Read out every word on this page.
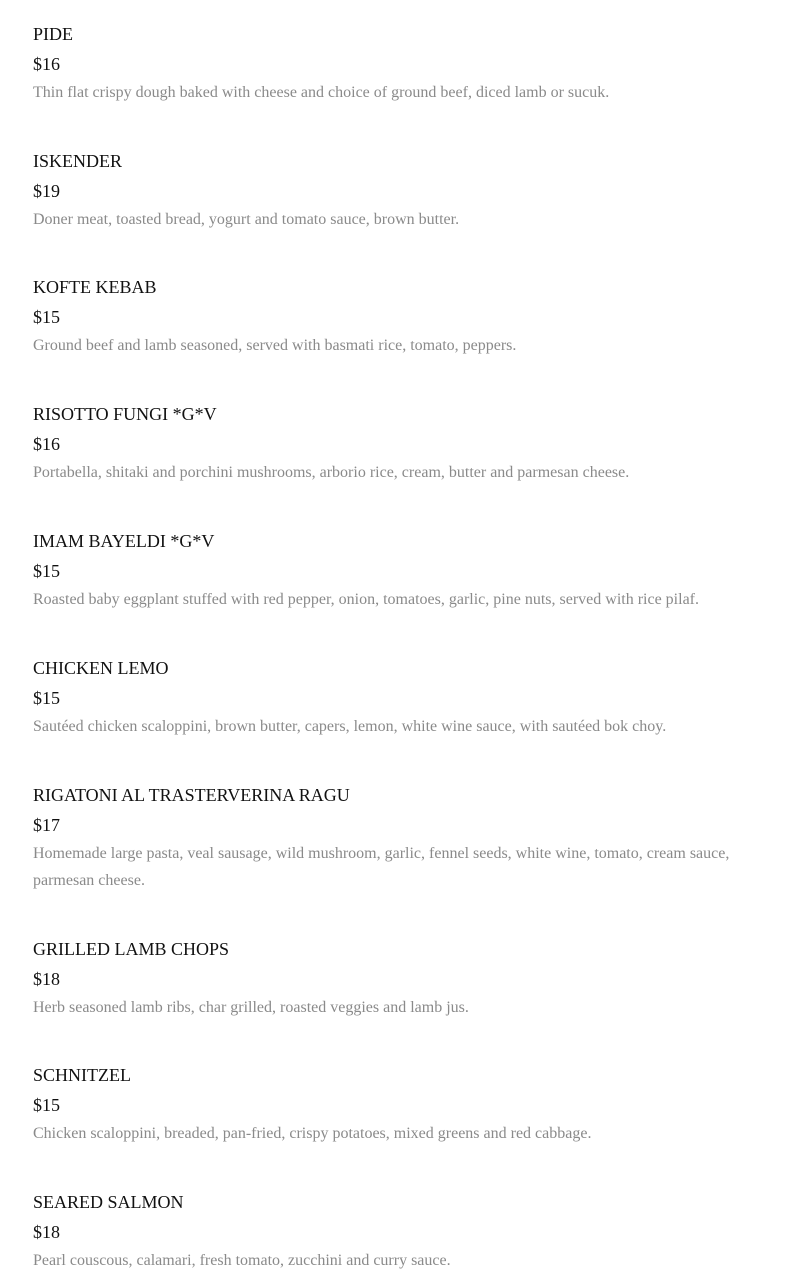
PIDE
$16
Thin flat crispy dough baked with cheese and choice of ground beef, diced lamb or sucuk.
ISKENDER
$19
Doner meat, toasted bread, yogurt and tomato sauce, brown butter.
KOFTE KEBAB
$15
Ground beef and lamb seasoned, served with basmati rice, tomato, peppers.
RISOTTO FUNGI *G*V
$16
Portabella, shitaki and porchini mushrooms, arborio rice, cream, butter and parmesan cheese.
IMAM BAYELDI *G*V
$15
Roasted baby eggplant stuffed with red pepper, onion, tomatoes, garlic, pine nuts, served with rice pilaf.
CHICKEN LEMO
$15
Sautéed chicken scaloppini, brown butter, capers, lemon, white wine sauce, with sautéed bok choy.
RIGATONI AL TRASTERVERINA RAGU
$17
Homemade large pasta, veal sausage, wild mushroom, garlic, fennel seeds, white wine, tomato, cream sauce, parmesan cheese.
GRILLED LAMB CHOPS
$18
Herb seasoned lamb ribs, char grilled, roasted veggies and lamb jus.
SCHNITZEL
$15
Chicken scaloppini, breaded, pan-fried, crispy potatoes, mixed greens and red cabbage.
SEARED SALMON
$18
Pearl couscous, calamari, fresh tomato, zucchini and curry sauce.
